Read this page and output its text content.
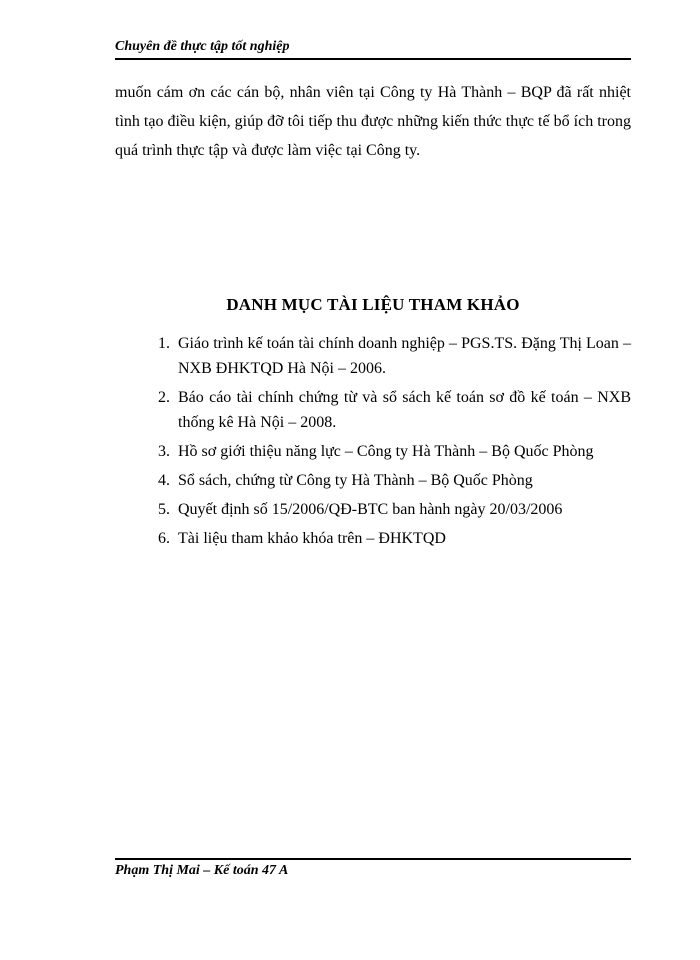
Chuyên đề thực tập tốt nghiệp
muốn cám ơn các cán bộ, nhân viên tại Công ty Hà Thành – BQP đã rất nhiệt tình tạo điều kiện, giúp đỡ tôi tiếp thu được những kiến thức thực tế bổ ích trong quá trình thực tập và được làm việc tại Công ty.
DANH MỤC TÀI LIỆU THAM KHẢO
1. Giáo trình kế toán tài chính doanh nghiệp – PGS.TS. Đặng Thị Loan – NXB ĐHKTQD Hà Nội – 2006.
2. Báo cáo tài chính chứng từ và sổ sách kế toán sơ đồ kế toán – NXB thống kê Hà Nội – 2008.
3. Hồ sơ giới thiệu năng lực – Công ty Hà Thành – Bộ Quốc Phòng
4. Sổ sách, chứng từ Công ty Hà Thành – Bộ Quốc Phòng
5. Quyết định số 15/2006/QĐ-BTC ban hành ngày 20/03/2006
6. Tài liệu tham khảo khóa trên – ĐHKTQD
Phạm Thị Mai – Kế toán 47 A
